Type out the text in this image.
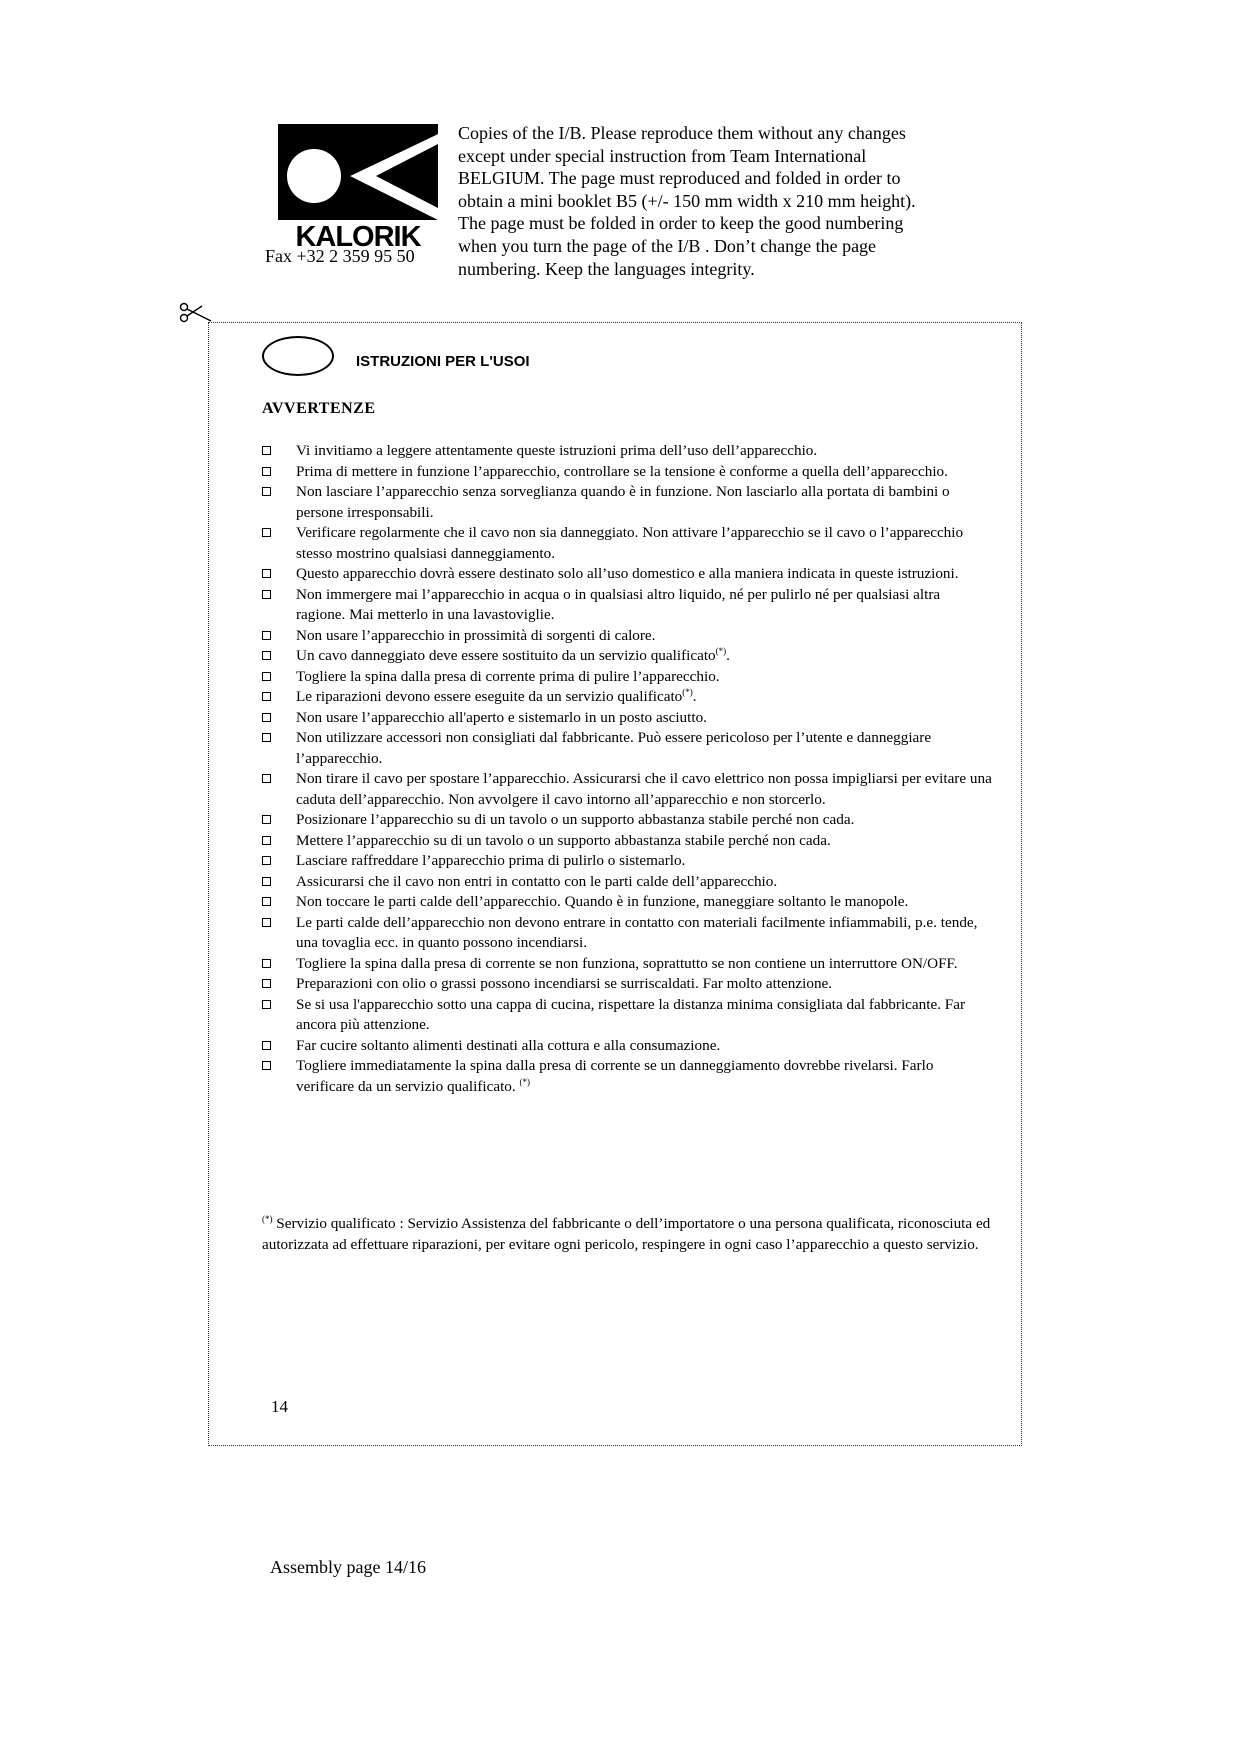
KALORIK
Fax +32 2 359 95 50

Copies of the I/B. Please reproduce them without any changes

except under special instruction from Team International

BELGIUM. The page must reproduced and folded in order to

obtain a mini booklet B5 (+/- 150 mm width x 210 mm height).

The page must be folded in order to keep the good numbering

when you turn the page of the I/B . Don’t change the page

numbering. Keep the languages integrity.

ISTRUZIONI PER L'USOI
AVVERTENZE
Vi invitiamo a leggere attentamente queste istruzioni prima dell’uso dell’apparecchio.
Prima di mettere in funzione l’apparecchio, controllare se la tensione è conforme a quella dell’apparecchio.
Non lasciare l’apparecchio senza sorveglianza quando è in funzione. Non lasciarlo alla portata di bambini o persone irresponsabili.
Verificare regolarmente che il cavo non sia danneggiato. Non attivare l’apparecchio se il cavo o l’apparecchio stesso mostrino qualsiasi danneggiamento.
Questo apparecchio dovrà essere destinato solo all’uso domestico e alla maniera indicata in queste istruzioni.
Non immergere mai l’apparecchio in acqua o in qualsiasi altro liquido, né per pulirlo né per qualsiasi altra ragione. Mai metterlo in una lavastoviglie.
Non usare l’apparecchio in prossimità di sorgenti di calore.
Un cavo danneggiato deve essere sostituito da un servizio qualificato(*).
Togliere la spina dalla presa di corrente prima di pulire l’apparecchio.
Le riparazioni devono essere eseguite da un servizio qualificato(*).
Non usare l’apparecchio all'aperto e sistemarlo in un posto asciutto.
Non utilizzare accessori non consigliati dal fabbricante. Può essere pericoloso per l’utente e danneggiare l’apparecchio.
Non tirare il cavo per spostare l’apparecchio. Assicurarsi che il cavo elettrico non possa impigliarsi per evitare una caduta dell’apparecchio. Non avvolgere il cavo intorno all’apparecchio e non storcerlo.
Posizionare l’apparecchio su di un tavolo o un supporto abbastanza stabile perché non cada.
Mettere l’apparecchio su di un tavolo o un supporto abbastanza stabile perché non cada.
Lasciare raffreddare l’apparecchio prima di pulirlo o sistemarlo.
Assicurarsi che il cavo non entri in contatto con le parti calde dell’apparecchio.
Non toccare le parti calde dell’apparecchio. Quando è in funzione, maneggiare soltanto le manopole.
Le parti calde dell’apparecchio non devono entrare in contatto con materiali facilmente infiammabili, p.e. tende, una tovaglia ecc. in quanto possono incendiarsi.
Togliere la spina dalla presa di corrente se non funziona, soprattutto se non contiene un interruttore ON/OFF.
Preparazioni con olio o grassi possono incendiarsi se surriscaldati. Far molto attenzione.
Se si usa l'apparecchio sotto una cappa di cucina, rispettare la distanza minima consigliata dal fabbricante. Far ancora più attenzione.
Far cucire soltanto alimenti destinati alla cottura e alla consumazione.
Togliere immediatamente la spina dalla presa di corrente se un danneggiamento dovrebbe rivelarsi. Farlo verificare da un servizio qualificato. (*)

(*) Servizio qualificato : Servizio Assistenza del fabbricante o dell’importatore o una persona qualificata, riconosciuta ed autorizzata ad effettuare riparazioni, per evitare ogni pericolo, respingere in ogni caso l’apparecchio a questo servizio.

14
Assembly page 14/16
